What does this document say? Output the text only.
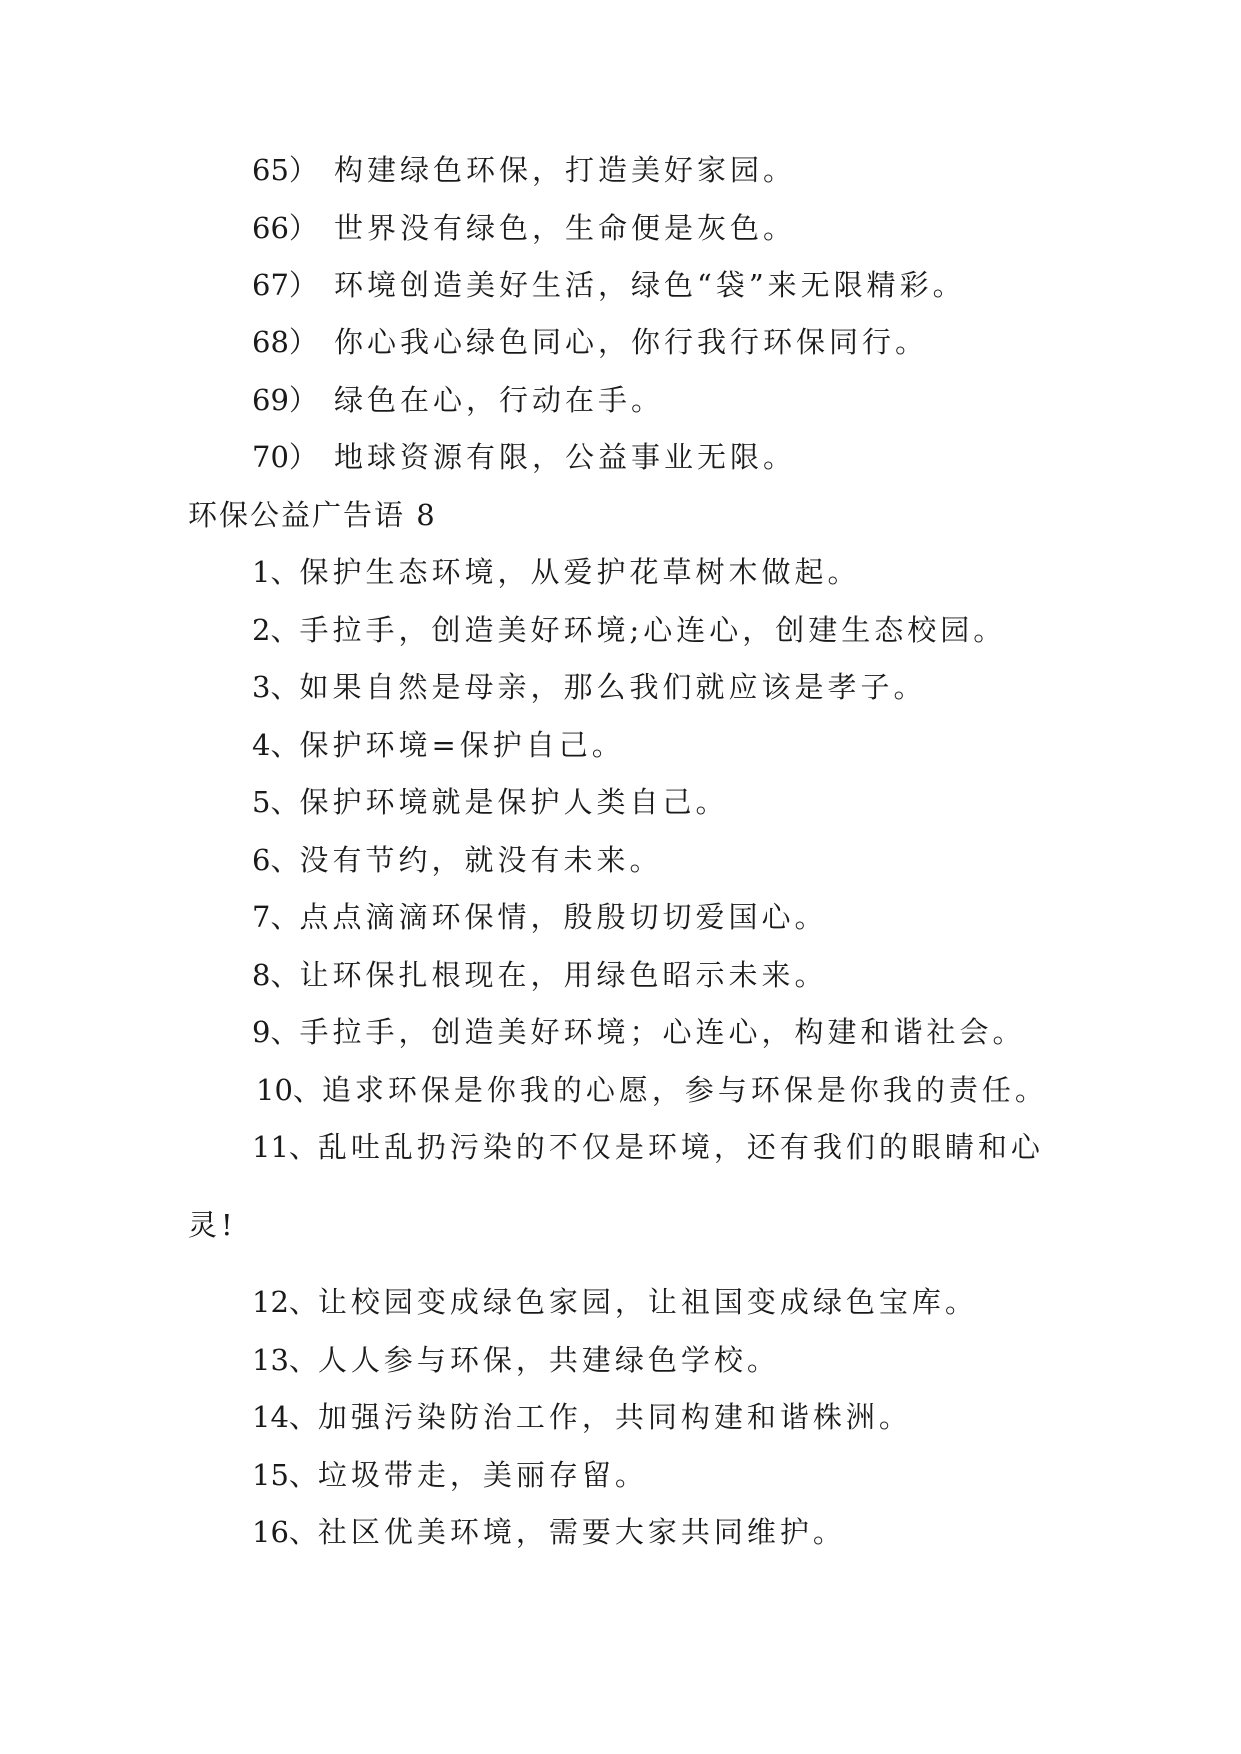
65） 构建绿色环保，打造美好家园。
66） 世界没有绿色，生命便是灰色。
67） 环境创造美好生活，绿色“袋”来无限精彩。
68） 你心我心绿色同心，你行我行环保同行。
69） 绿色在心，行动在手。
70） 地球资源有限，公益事业无限。
环保公益广告语 8
1、保护生态环境，从爱护花草树木做起。
2、手拉手，创造美好环境;心连心，创建生态校园。
3、如果自然是母亲，那么我们就应该是孝子。
4、保护环境=保护自己。
5、保护环境就是保护人类自己。
6、没有节约，就没有未来。
7、点点滴滴环保情，殷殷切切爱国心。
8、让环保扎根现在，用绿色昭示未来。
9、手拉手，创造美好环境；心连心，构建和谐社会。
10、追求环保是你我的心愿，参与环保是你我的责任。
11、乱吐乱扔污染的不仅是环境，还有我们的眼睛和心
灵!
12、让校园变成绿色家园，让祖国变成绿色宝库。
13、人人参与环保，共建绿色学校。
14、加强污染防治工作，共同构建和谐株洲。
15、垃圾带走，美丽存留。
16、社区优美环境，需要大家共同维护。
